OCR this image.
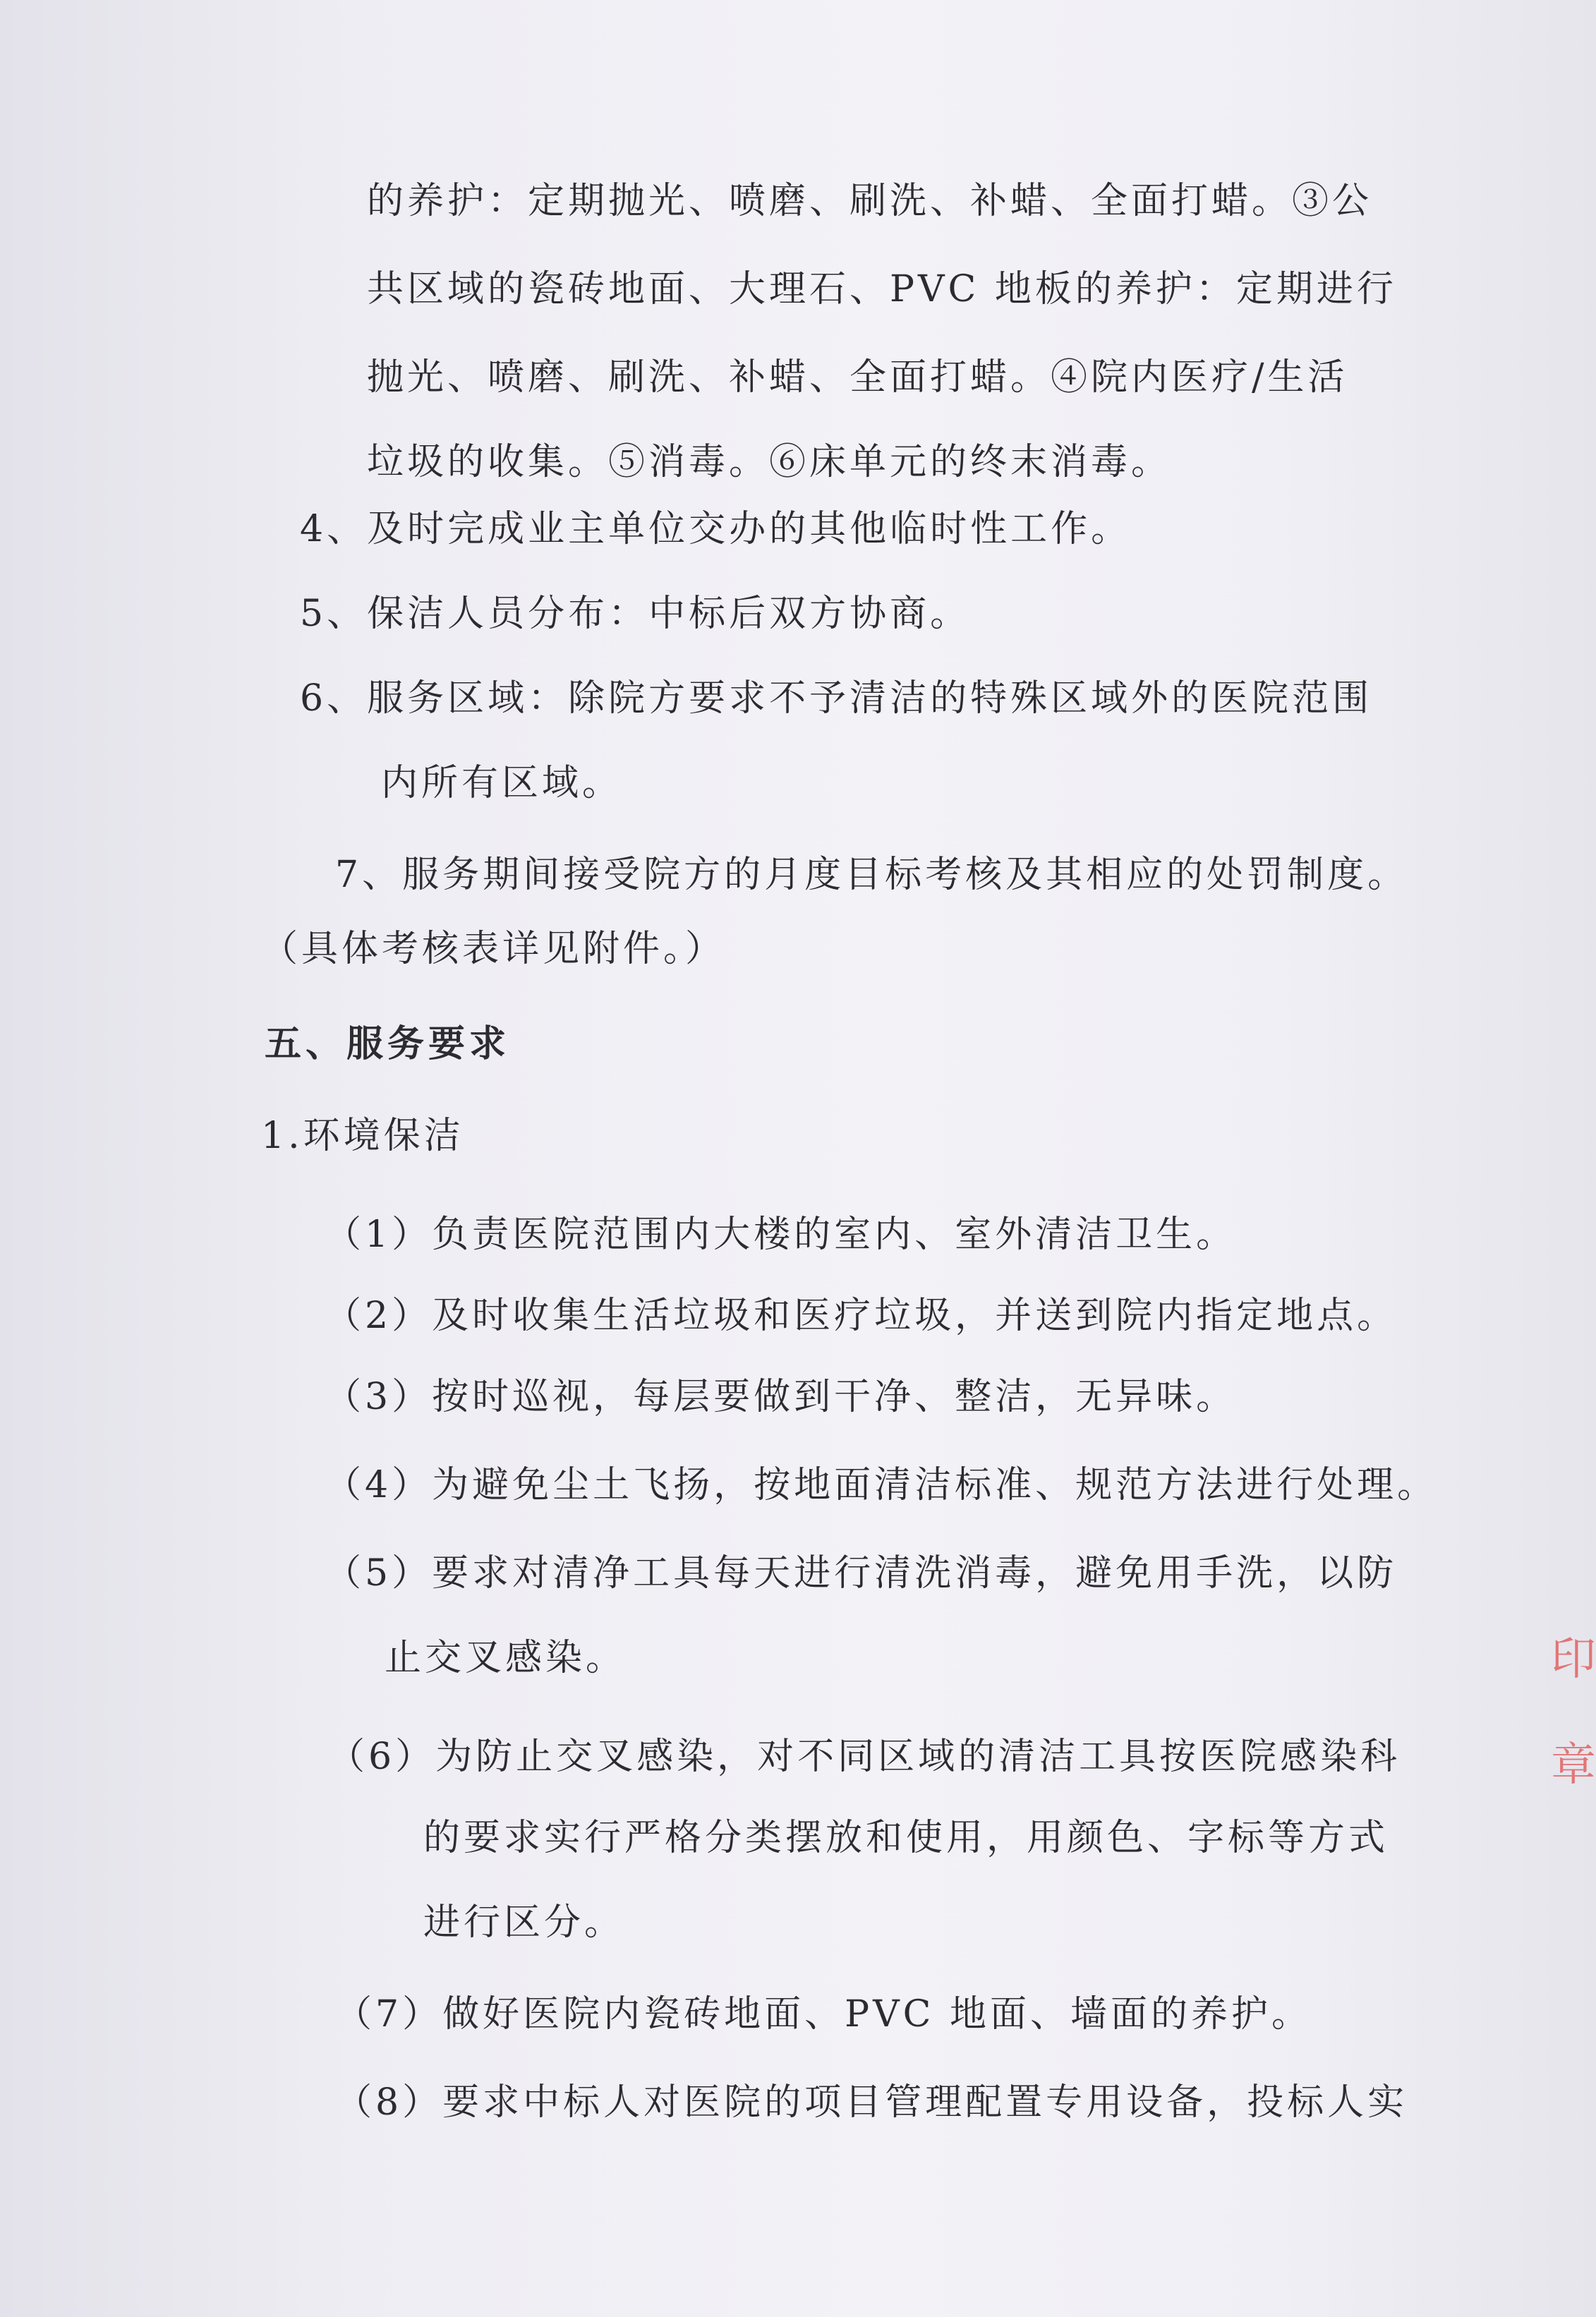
的养护：定期抛光、喷磨、刷洗、补蜡、全面打蜡。③公
共区域的瓷砖地面、大理石、PVC 地板的养护：定期进行
抛光、喷磨、刷洗、补蜡、全面打蜡。④院内医疗/生活
垃圾的收集。⑤消毒。⑥床单元的终末消毒。
4、及时完成业主单位交办的其他临时性工作。
5、保洁人员分布：中标后双方协商。
6、服务区域：除院方要求不予清洁的特殊区域外的医院范围
内所有区域。
7、服务期间接受院方的月度目标考核及其相应的处罚制度。
（具体考核表详见附件。）
五、服务要求
1.环境保洁
（1）负责医院范围内大楼的室内、室外清洁卫生。
（2）及时收集生活垃圾和医疗垃圾，并送到院内指定地点。
（3）按时巡视，每层要做到干净、整洁，无异味。
（4）为避免尘土飞扬，按地面清洁标准、规范方法进行处理。
（5）要求对清净工具每天进行清洗消毒，避免用手洗，以防
止交叉感染。
（6）为防止交叉感染，对不同区域的清洁工具按医院感染科
的要求实行严格分类摆放和使用，用颜色、字标等方式
进行区分。
（7）做好医院内瓷砖地面、PVC 地面、墙面的养护。
（8）要求中标人对医院的项目管理配置专用设备，投标人实
印
章
